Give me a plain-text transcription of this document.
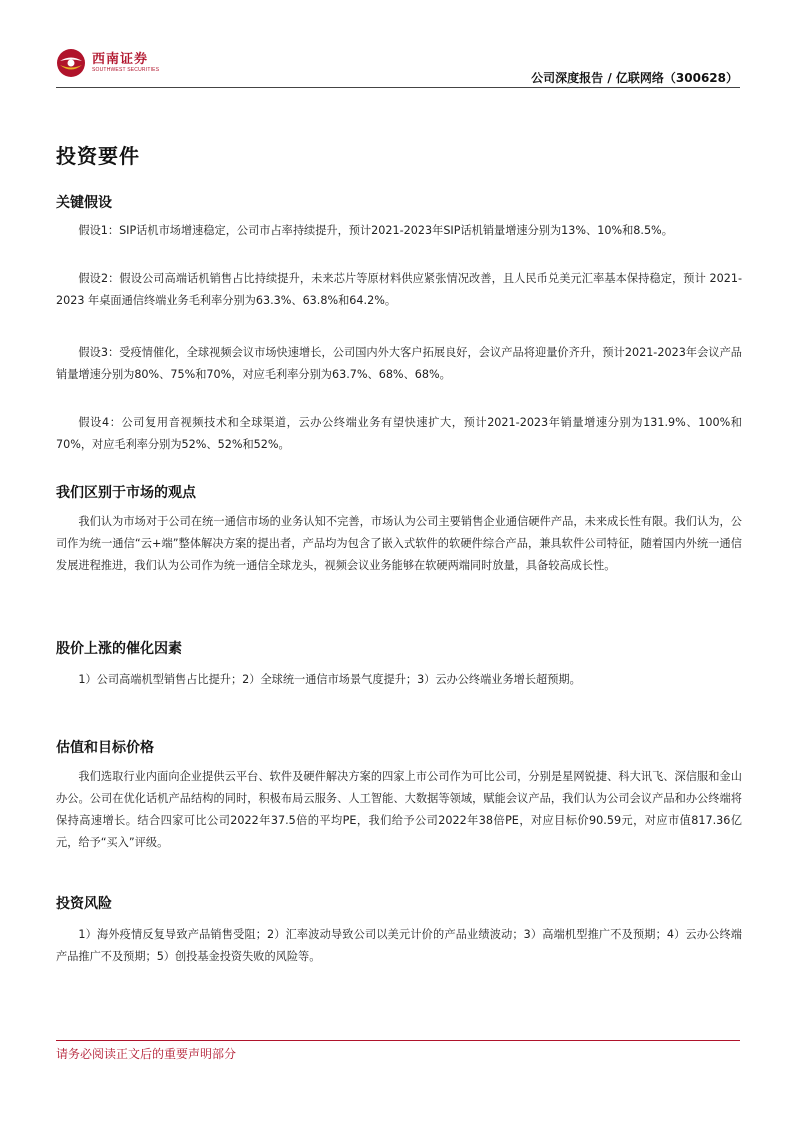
西南证券
SOUTHWEST SECURITIES
公司深度报告 / 亿联网络（300628）
投资要件
关键假设

假设1：SIP话机市场增速稳定，公司市占率持续提升，预计2021-2023年SIP话机销量增速分别为13%、10%和8.5%。

假设2：假设公司高端话机销售占比持续提升，未来芯片等原材料供应紧张情况改善，且人民币兑美元汇率基本保持稳定，预计 2021-2023 年桌面通信终端业务毛利率分别为63.3%、63.8%和64.2%。

假设3：受疫情催化，全球视频会议市场快速增长，公司国内外大客户拓展良好，会议产品将迎量价齐升，预计2021-2023年会议产品销量增速分别为80%、75%和70%，对应毛利率分别为63.7%、68%、68%。

假设4：公司复用音视频技术和全球渠道，云办公终端业务有望快速扩大，预计2021-2023年销量增速分别为131.9%、100%和70%，对应毛利率分别为52%、52%和52%。

我们区别于市场的观点

我们认为市场对于公司在统一通信市场的业务认知不完善，市场认为公司主要销售企业通信硬件产品，未来成长性有限。我们认为，公司作为统一通信“云+端”整体解决方案的提出者，产品均为包含了嵌入式软件的软硬件综合产品，兼具软件公司特征，随着国内外统一通信发展进程推进，我们认为公司作为统一通信全球龙头，视频会议业务能够在软硬两端同时放量，具备较高成长性。

股价上涨的催化因素

1）公司高端机型销售占比提升；2）全球统一通信市场景气度提升；3）云办公终端业务增长超预期。

估值和目标价格

我们选取行业内面向企业提供云平台、软件及硬件解决方案的四家上市公司作为可比公司，分别是星网锐捷、科大讯飞、深信服和金山办公。公司在优化话机产品结构的同时，积极布局云服务、人工智能、大数据等领域，赋能会议产品，我们认为公司会议产品和办公终端将保持高速增长。结合四家可比公司2022年37.5倍的平均PE，我们给予公司2022年38倍PE，对应目标价90.59元，对应市值817.36亿元，给予“买入”评级。

投资风险

1）海外疫情反复导致产品销售受阻；2）汇率波动导致公司以美元计价的产品业绩波动；3）高端机型推广不及预期；4）云办公终端产品推广不及预期；5）创投基金投资失败的风险等。

请务必阅读正文后的重要声明部分
